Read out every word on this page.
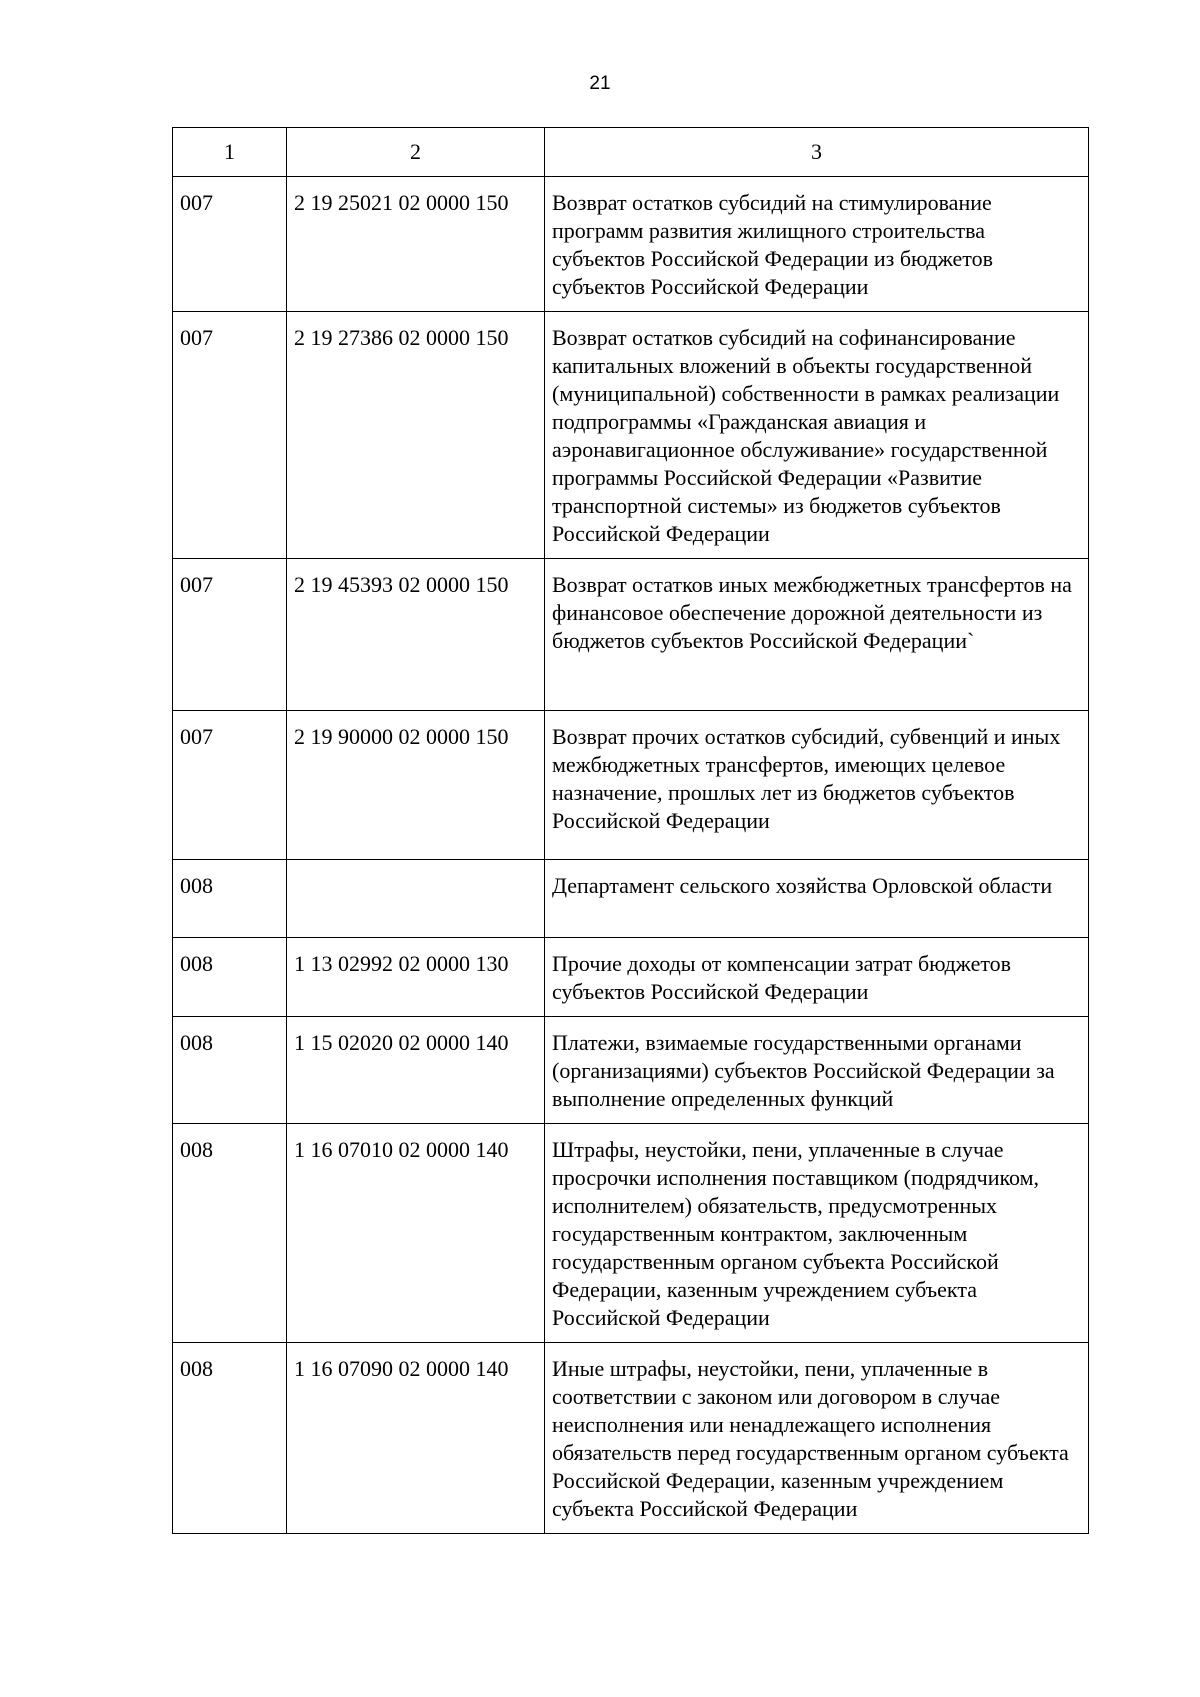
21
1	2	3
007	2 19 25021 02 0000 150	Возврат остатков субсидий на стимулирование программ развития жилищного строительства субъектов Российской Федерации из бюджетов субъектов Российской Федерации
007	2 19 27386 02 0000 150	Возврат остатков субсидий на софинансирование капитальных вложений в объекты государственной (муниципальной) собственности в рамках реализации подпрограммы «Гражданская авиация и аэронавигационное обслуживание» государственной программы Российской Федерации «Развитие транспортной системы» из бюджетов субъектов Российской Федерации
007	2 19 45393 02 0000 150	Возврат остатков иных межбюджетных трансфертов на финансовое обеспечение дорожной деятельности из бюджетов субъектов Российской Федерации`
007	2 19 90000 02 0000 150	Возврат прочих остатков субсидий, субвенций и иных межбюджетных трансфертов, имеющих целевое назначение, прошлых лет из бюджетов субъектов Российской Федерации
008		Департамент сельского хозяйства Орловской области
008	1 13 02992 02 0000 130	Прочие доходы от компенсации затрат бюджетов субъектов Российской Федерации
008	1 15 02020 02 0000 140	Платежи, взимаемые государственными органами (организациями) субъектов Российской Федерации за выполнение определенных функций
008	1 16 07010 02 0000 140	Штрафы, неустойки, пени, уплаченные в случае просрочки исполнения поставщиком (подрядчиком, исполнителем) обязательств, предусмотренных государственным контрактом, заключенным государственным органом субъекта Российской Федерации, казенным учреждением субъекта Российской Федерации
008	1 16 07090 02 0000 140	Иные штрафы, неустойки, пени, уплаченные в соответствии с законом или договором в случае неисполнения или ненадлежащего исполнения обязательств перед государственным органом субъекта Российской Федерации, казенным учреждением субъекта Российской Федерации
